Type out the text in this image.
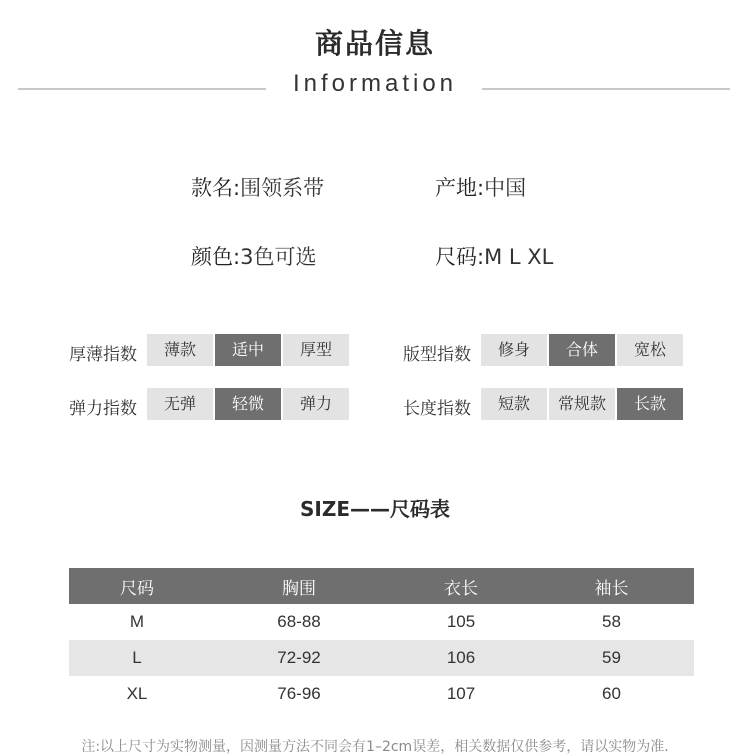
商品信息
Information
款名:围领系带	产地:中国
颜色:3色可选	尺码:M L XL
厚薄指数	薄款	适中	厚型	版型指数	修身	合体	宽松
弹力指数	无弹	轻微	弹力	长度指数	短款	常规款	长款
SIZE——尺码表
尺码	胸围	衣长	袖长
M	68-88	105	58
L	72-92	106	59
XL	76-96	107	60
注:以上尺寸为实物测量，因测量方法不同会有1–2cm误差，相关数据仅供参考，请以实物为准.
